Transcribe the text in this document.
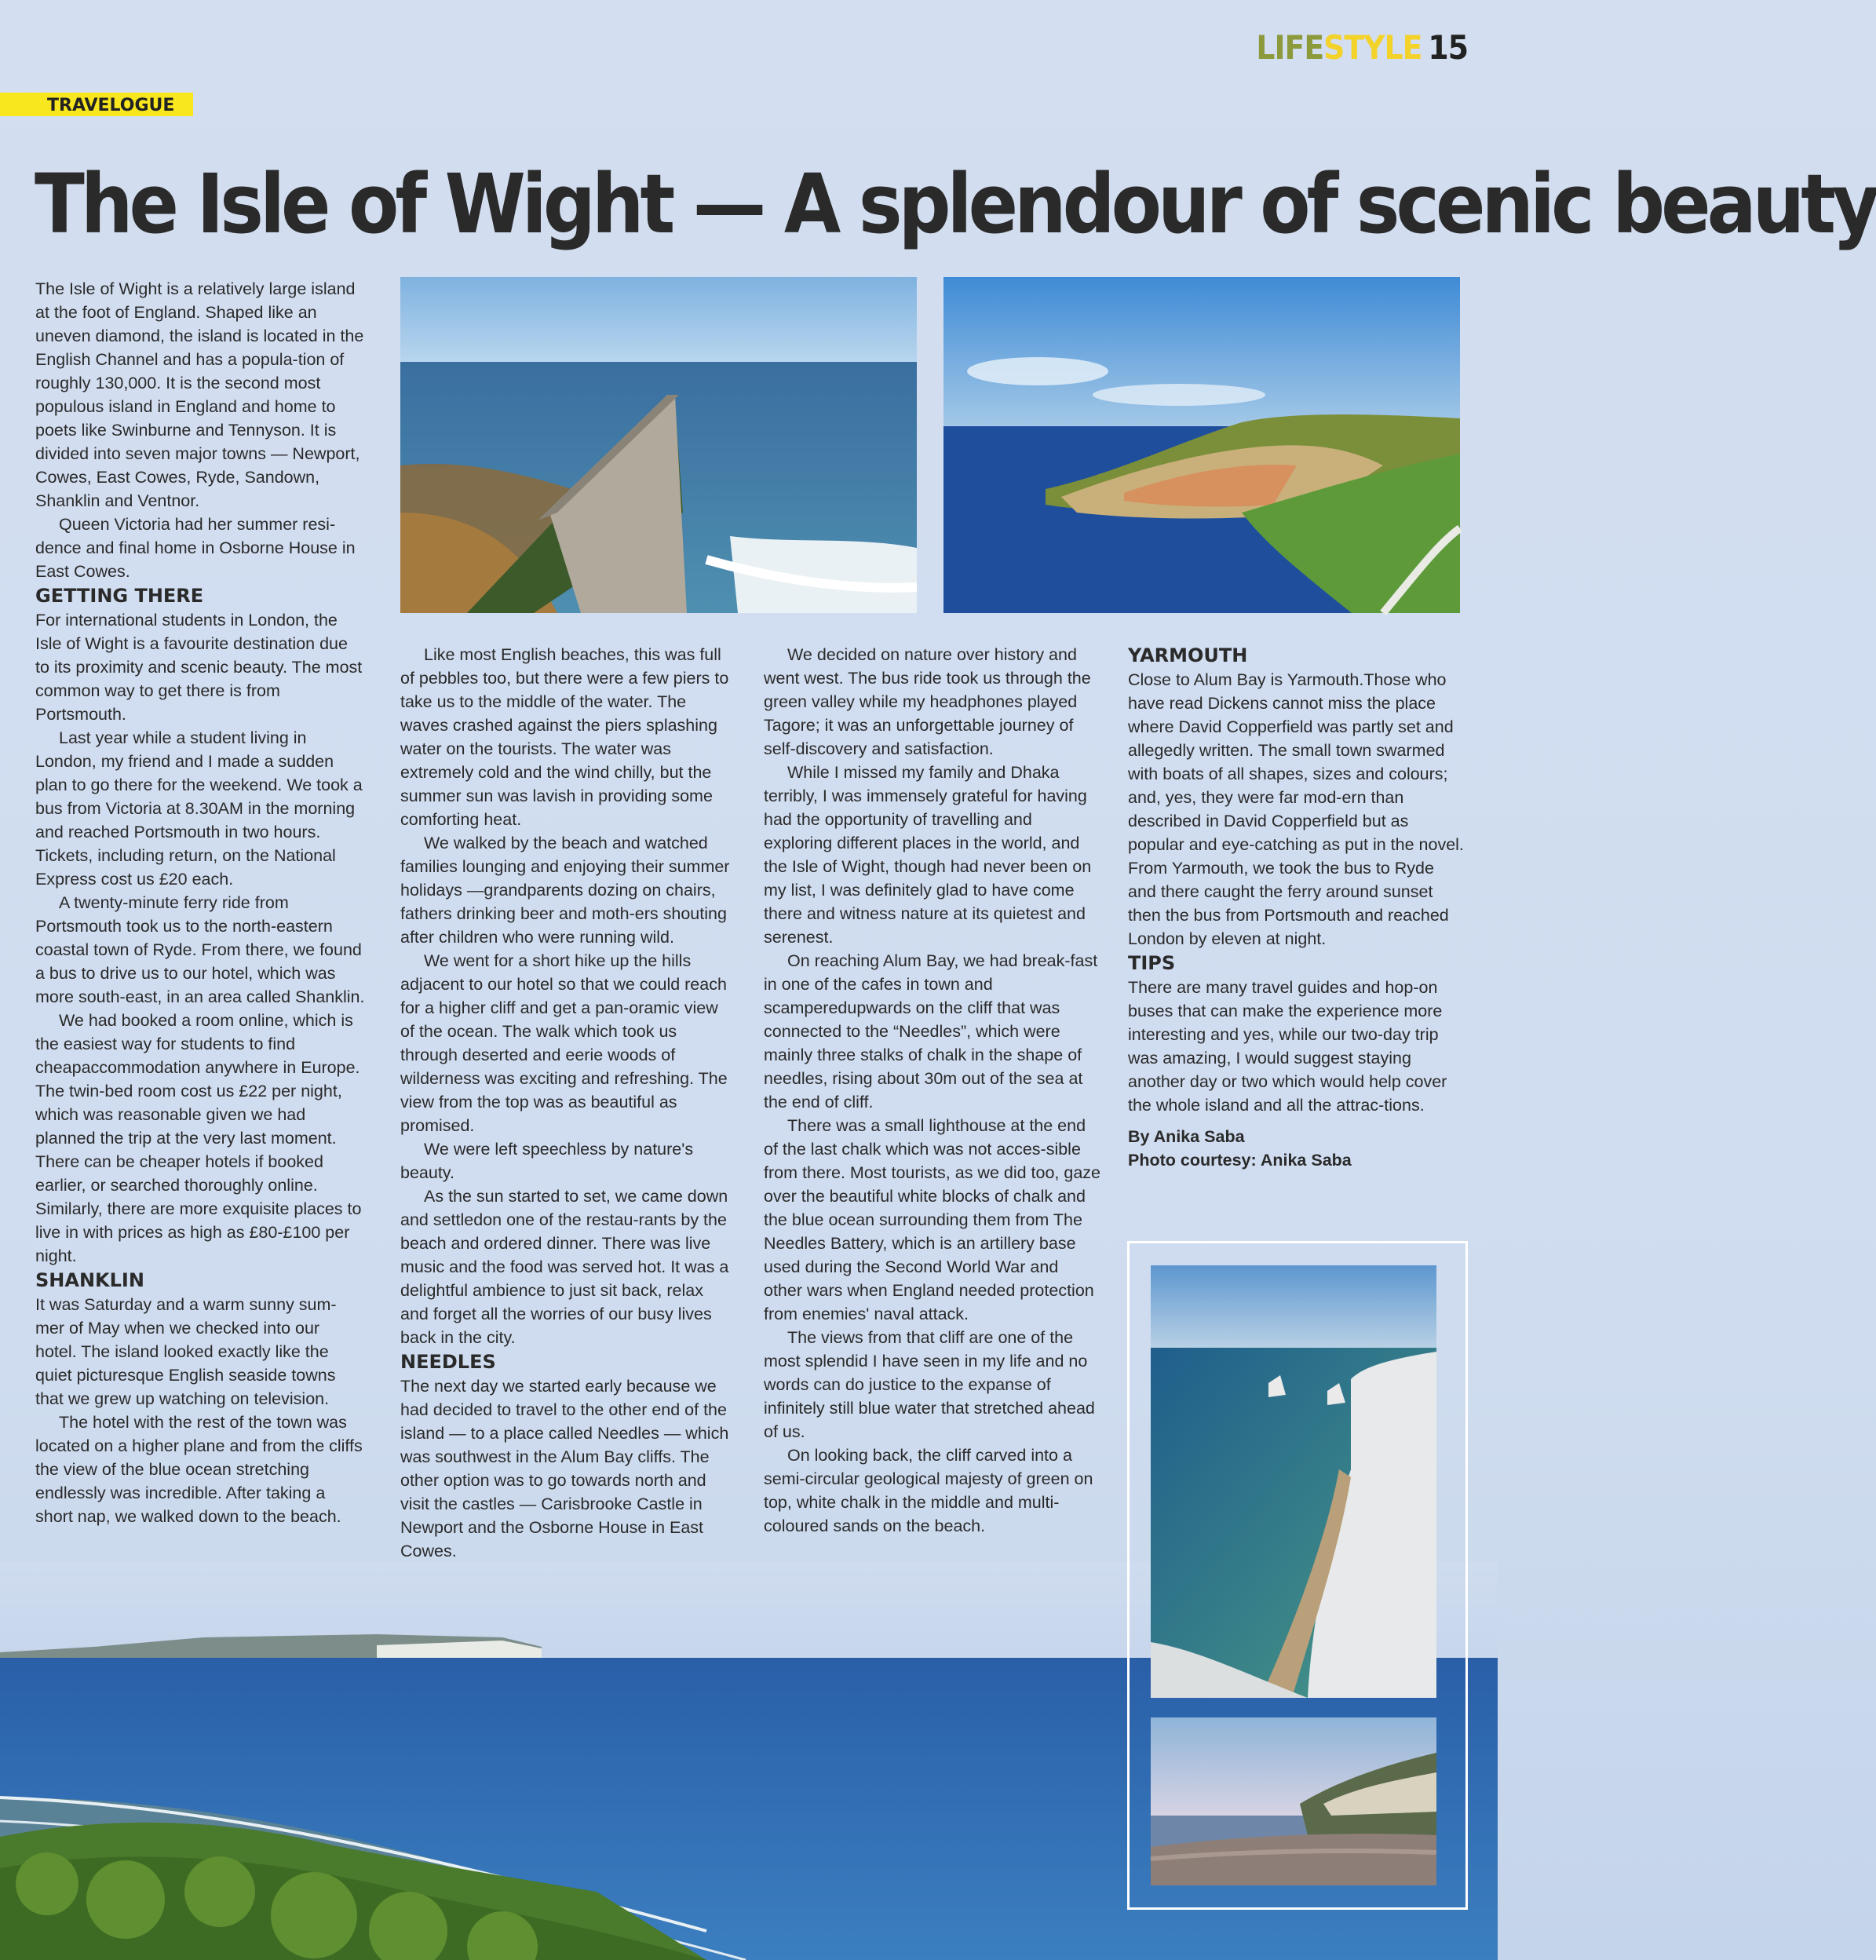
LIFESTYLE 15
TRAVELOGUE
The Isle of Wight — A splendour of scenic beauty

The Isle of Wight is a relatively large island at the foot of England. Shaped like an uneven diamond, the island is located in the English Channel and has a popula-tion of roughly 130,000. It is the second most populous island in England and home to poets like Swinburne and Tennyson. It is divided into seven major towns — Newport, Cowes, East Cowes, Ryde, Sandown, Shanklin and Ventnor.

Queen Victoria had her summer resi-dence and final home in Osborne House in East Cowes.

GETTING THERE

For international students in London, the Isle of Wight is a favourite destination due to its proximity and scenic beauty. The most common way to get there is from Portsmouth.

Last year while a student living in London, my friend and I made a sudden plan to go there for the weekend. We took a bus from Victoria at 8.30AM in the morning and reached Portsmouth in two hours. Tickets, including return, on the National Express cost us £20 each.

A twenty-minute ferry ride from Portsmouth took us to the north-eastern coastal town of Ryde. From there, we found a bus to drive us to our hotel, which was more south-east, in an area called Shanklin.

We had booked a room online, which is the easiest way for students to find cheapaccommodation anywhere in Europe. The twin-bed room cost us £22 per night, which was reasonable given we had planned the trip at the very last moment. There can be cheaper hotels if booked earlier, or searched thoroughly online. Similarly, there are more exquisite places to live in with prices as high as £80-£100 per night.

SHANKLIN

It was Saturday and a warm sunny sum-mer of May when we checked into our hotel. The island looked exactly like the quiet picturesque English seaside towns that we grew up watching on television.

The hotel with the rest of the town was located on a higher plane and from the cliffs the view of the blue ocean stretching endlessly was incredible. After taking a short nap, we walked down to the beach.

Like most English beaches, this was full of pebbles too, but there were a few piers to take us to the middle of the water. The waves crashed against the piers splashing water on the tourists. The water was extremely cold and the wind chilly, but the summer sun was lavish in providing some comforting heat.

We walked by the beach and watched families lounging and enjoying their summer holidays —grandparents dozing on chairs, fathers drinking beer and moth-ers shouting after children who were running wild.

We went for a short hike up the hills adjacent to our hotel so that we could reach for a higher cliff and get a pan-oramic view of the ocean. The walk which took us through deserted and eerie woods of wilderness was exciting and refreshing. The view from the top was as beautiful as promised.

We were left speechless by nature's beauty.

As the sun started to set, we came down and settledon one of the restau-rants by the beach and ordered dinner. There was live music and the food was served hot. It was a delightful ambience to just sit back, relax and forget all the worries of our busy lives back in the city.

NEEDLES

The next day we started early because we had decided to travel to the other end of the island — to a place called Needles — which was southwest in the Alum Bay cliffs. The other option was to go towards north and visit the castles — Carisbrooke Castle in Newport and the Osborne House in East Cowes.

We decided on nature over history and went west. The bus ride took us through the green valley while my headphones played Tagore; it was an unforgettable journey of self-discovery and satisfaction.

While I missed my family and Dhaka terribly, I was immensely grateful for having had the opportunity of travelling and exploring different places in the world, and the Isle of Wight, though had never been on my list, I was definitely glad to have come there and witness nature at its quietest and serenest.

On reaching Alum Bay, we had break-fast in one of the cafes in town and scamperedupwards on the cliff that was connected to the “Needles”, which were mainly three stalks of chalk in the shape of needles, rising about 30m out of the sea at the end of cliff.

There was a small lighthouse at the end of the last chalk which was not acces-sible from there. Most tourists, as we did too, gaze over the beautiful white blocks of chalk and the blue ocean surrounding them from The Needles Battery, which is an artillery base used during the Second World War and other wars when England needed protection from enemies' naval attack.

The views from that cliff are one of the most splendid I have seen in my life and no words can do justice to the expanse of infinitely still blue water that stretched ahead of us.

On looking back, the cliff carved into a semi-circular geological majesty of green on top, white chalk in the middle and multi-coloured sands on the beach.

YARMOUTH

Close to Alum Bay is Yarmouth.Those who have read Dickens cannot miss the place where David Copperfield was partly set and allegedly written. The small town swarmed with boats of all shapes, sizes and colours; and, yes, they were far mod-ern than described in David Copperfield but as popular and eye-catching as put in the novel. From Yarmouth, we took the bus to Ryde and there caught the ferry around sunset then the bus from Portsmouth and reached London by eleven at night.

TIPS

There are many travel guides and hop-on buses that can make the experience more interesting and yes, while our two-day trip was amazing, I would suggest staying another day or two which would help cover the whole island and all the attrac-tions.

By Anika Saba
Photo courtesy: Anika Saba
